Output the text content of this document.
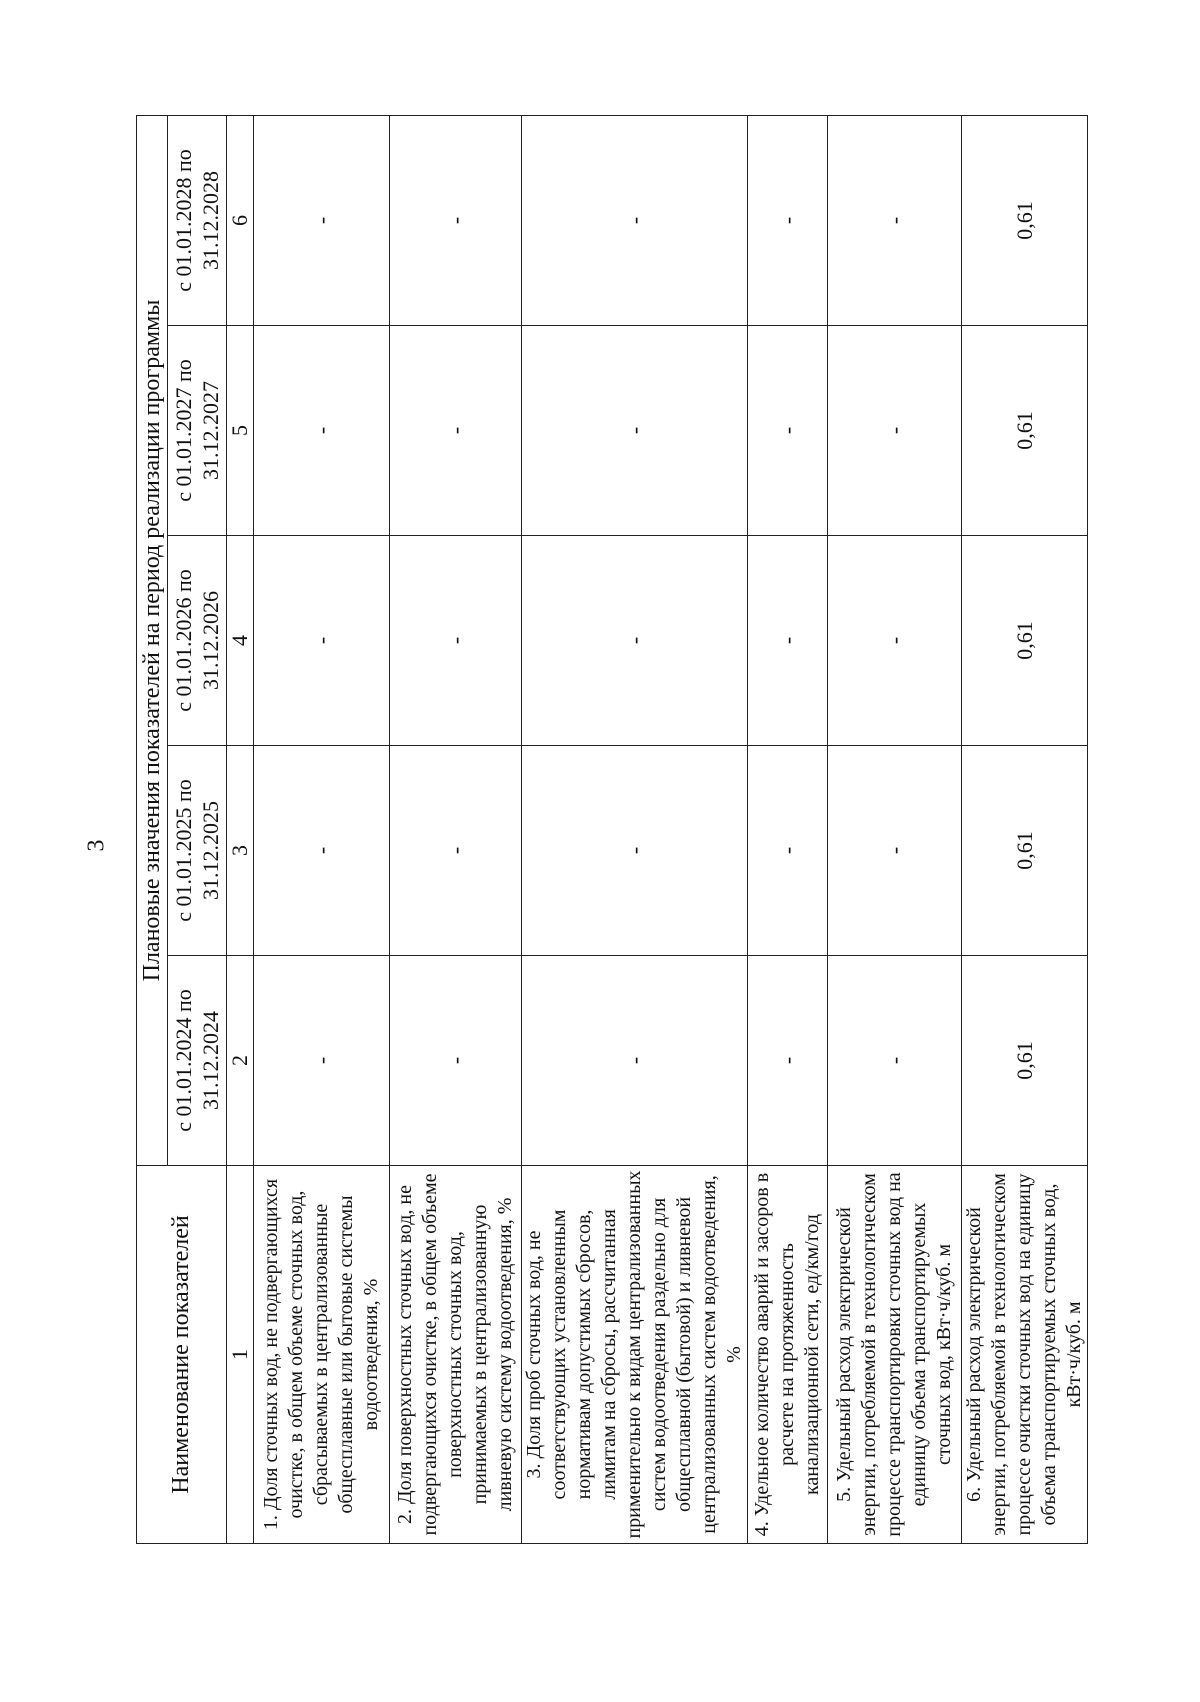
3
Наименование показателей	Плановые значения показателей на период реализации программы				
	с 01.01.2024 по 31.12.2024	с 01.01.2025 по 31.12.2025	с 01.01.2026 по 31.12.2026	с 01.01.2027 по 31.12.2027	с 01.01.2028 по 31.12.2028
1	2	3	4	5	6
1. Доля сточных вод, не подвергающихся очистке, в общем объеме сточных вод, сбрасываемых в централизованные общесплавные или бытовые системы водоотведения, %	-	-	-	-	-
2. Доля поверхностных сточных вод, не подвергающихся очистке, в общем объеме поверхностных сточных вод, принимаемых в централизованную ливневую систему водоотведения, %	-	-	-	-	-
3. Доля проб сточных вод, не соответствующих установленным нормативам допустимых сбросов, лимитам на сбросы, рассчитанная применительно к видам централизованных систем водоотведения раздельно для общесплавной (бытовой) и ливневой централизованных систем водоотведения, %	-	-	-	-	-
4. Удельное количество аварий и засоров в расчете на протяженность канализационной сети, ед/км/год	-	-	-	-	-
5. Удельный расход электрической энергии, потребляемой в технологическом процессе транспортировки сточных вод на единицу объема транспортируемых сточных вод, кВт·ч/куб. м	-	-	-	-	-
6. Удельный расход электрической энергии, потребляемой в технологическом процессе очистки сточных вод на единицу объема транспортируемых сточных вод, кВт·ч/куб. м	0,61	0,61	0,61	0,61	0,61
